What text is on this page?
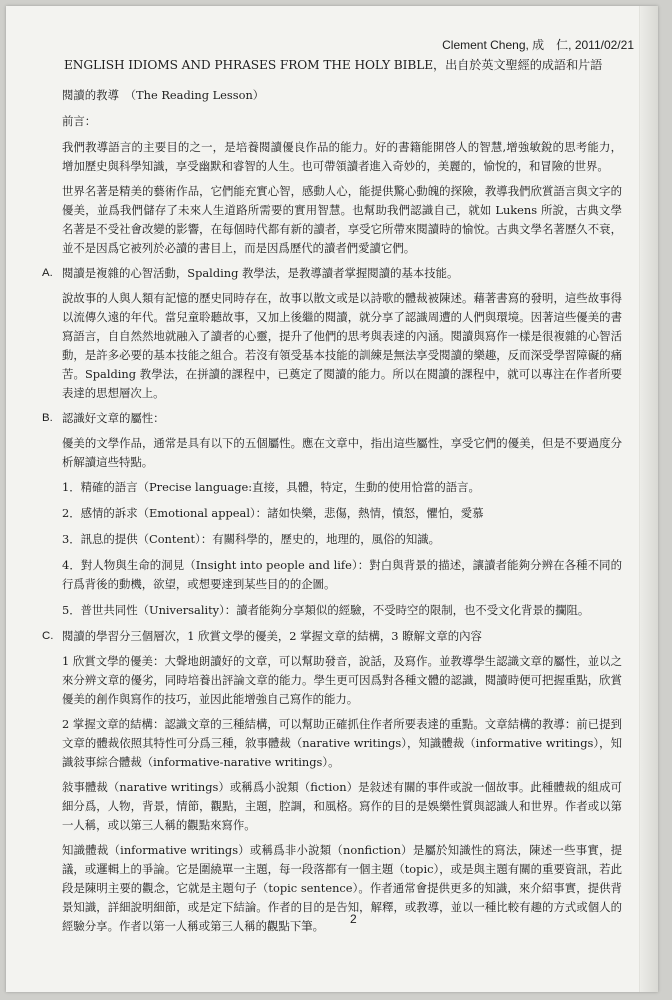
Clement Cheng, 成　仁, 2011/02/21
ENGLISH IDIOMS AND PHRASES FROM THE HOLY BIBLE，出自於英文聖經的成語和片語

閱讀的教導　（The Reading Lesson）

前言：

我們教導語言的主要目的之一，是培養閱讀優良作品的能力。好的書籍能開啓人的智慧,增強敏銳的思考能力，增加歷史與科學知識，享受幽默和睿智的人生。也可帶領讀者進入奇妙的，美麗的，愉悅的，和冒險的世界。

世界名著是精美的藝術作品，它們能充實心智，感動人心，能提供驚心動魄的探險，教導我們欣賞語言與文字的優美，並爲我們儲存了未來人生道路所需要的實用智慧。也幫助我們認識自己，就如 Lukens 所說，古典文學名著是不受社會改變的影響，在每個時代都有新的讀者，享受它所帶來閱讀時的愉悅。古典文學名著歷久不衰，並不是因爲它被列於必讀的書目上，而是因爲歷代的讀者們愛讀它們。

A. 閱讀是複雜的心智活動，Spalding 教學法，是教導讀者掌握閱讀的基本技能。

說故事的人與人類有記憶的歷史同時存在，故事以散文或是以詩歌的體裁被陳述。藉著書寫的發明，這些故事得以流傳久遠的年代。當兒童聆聽故事，又加上後繼的閱讀，就分享了認識周遭的人們與環境。因著這些優美的書寫語言，自自然然地就融入了讀者的心靈，提升了他們的思考與表達的內涵。閱讀與寫作一樣是很複雜的心智活動，是許多必要的基本技能之組合。若沒有領受基本技能的訓練是無法享受閱讀的樂趣，反而深受學習障礙的痛苦。Spalding 教學法，在拼讀的課程中，已奠定了閱讀的能力。所以在閱讀的課程中，就可以專注在作者所要表達的思想層次上。

B. 認識好文章的屬性：

優美的文學作品，通常是具有以下的五個屬性。應在文章中，指出這些屬性，享受它們的優美，但是不要過度分析解讀這些特點。

1．精確的語言（Precise language:直接，具體，特定，生動的使用恰當的語言。
2．感情的訴求（Emotional appeal）：諸如快樂，悲傷，熱情，憤怒，懼怕，愛慕
3．訊息的提供（Content）：有關科學的，歷史的，地理的，風俗的知識。
4．對人物與生命的洞見（Insight into people and life）：對白與背景的描述，讓讀者能夠分辨在各種不同的行爲背後的動機，欲望，或想要達到某些目的的企圖。
5．普世共同性（Universality）：讀者能夠分享類似的經驗，不受時空的限制，也不受文化背景的攔阻。
C. 閱讀的學習分三個層次，1 欣賞文學的優美，2 掌握文章的結構，3 瞭解文章的內容

1 欣賞文學的優美：大聲地朗讀好的文章，可以幫助發音，說話，及寫作。並教導學生認識文章的屬性，並以之來分辨文章的優劣，同時培養出評論文章的能力。學生更可因爲對各種文體的認識，閱讀時便可把握重點，欣賞優美的創作與寫作的技巧，並因此能增強自己寫作的能力。

2 掌握文章的結構：認識文章的三種結構，可以幫助正確抓住作者所要表達的重點。文章結構的教導：前已提到文章的體裁依照其特性可分爲三種，敘事體裁（narative writings），知識體裁（informative writings），知識敍事綜合體裁（informative-narative writings）。

敍事體裁（narative writings）或稱爲小說類（fiction）是敍述有關的事件或說一個故事。此種體裁的組成可細分爲，人物，背景，情節，觀點，主題，腔調，和風格。寫作的目的是娛樂性質與認識人和世界。作者或以第一人稱，或以第三人稱的觀點來寫作。

知識體裁（informative writings）或稱爲非小說類（nonfiction）是屬於知識性的寫法，陳述一些事實，提議，或邏輯上的爭論。它是圍繞單一主題，每一段落都有一個主題（topic），或是與主題有關的重要資訊，若此段是陳明主要的觀念，它就是主題句子（topic sentence）。作者通常會提供更多的知識，來介紹事實，提供背景知識，詳細說明細節，或是定下結論。作者的目的是告知，解釋，或教導，並以一種比較有趣的方式或個人的經驗分享。作者以第一人稱或第三人稱的觀點下筆。	2
